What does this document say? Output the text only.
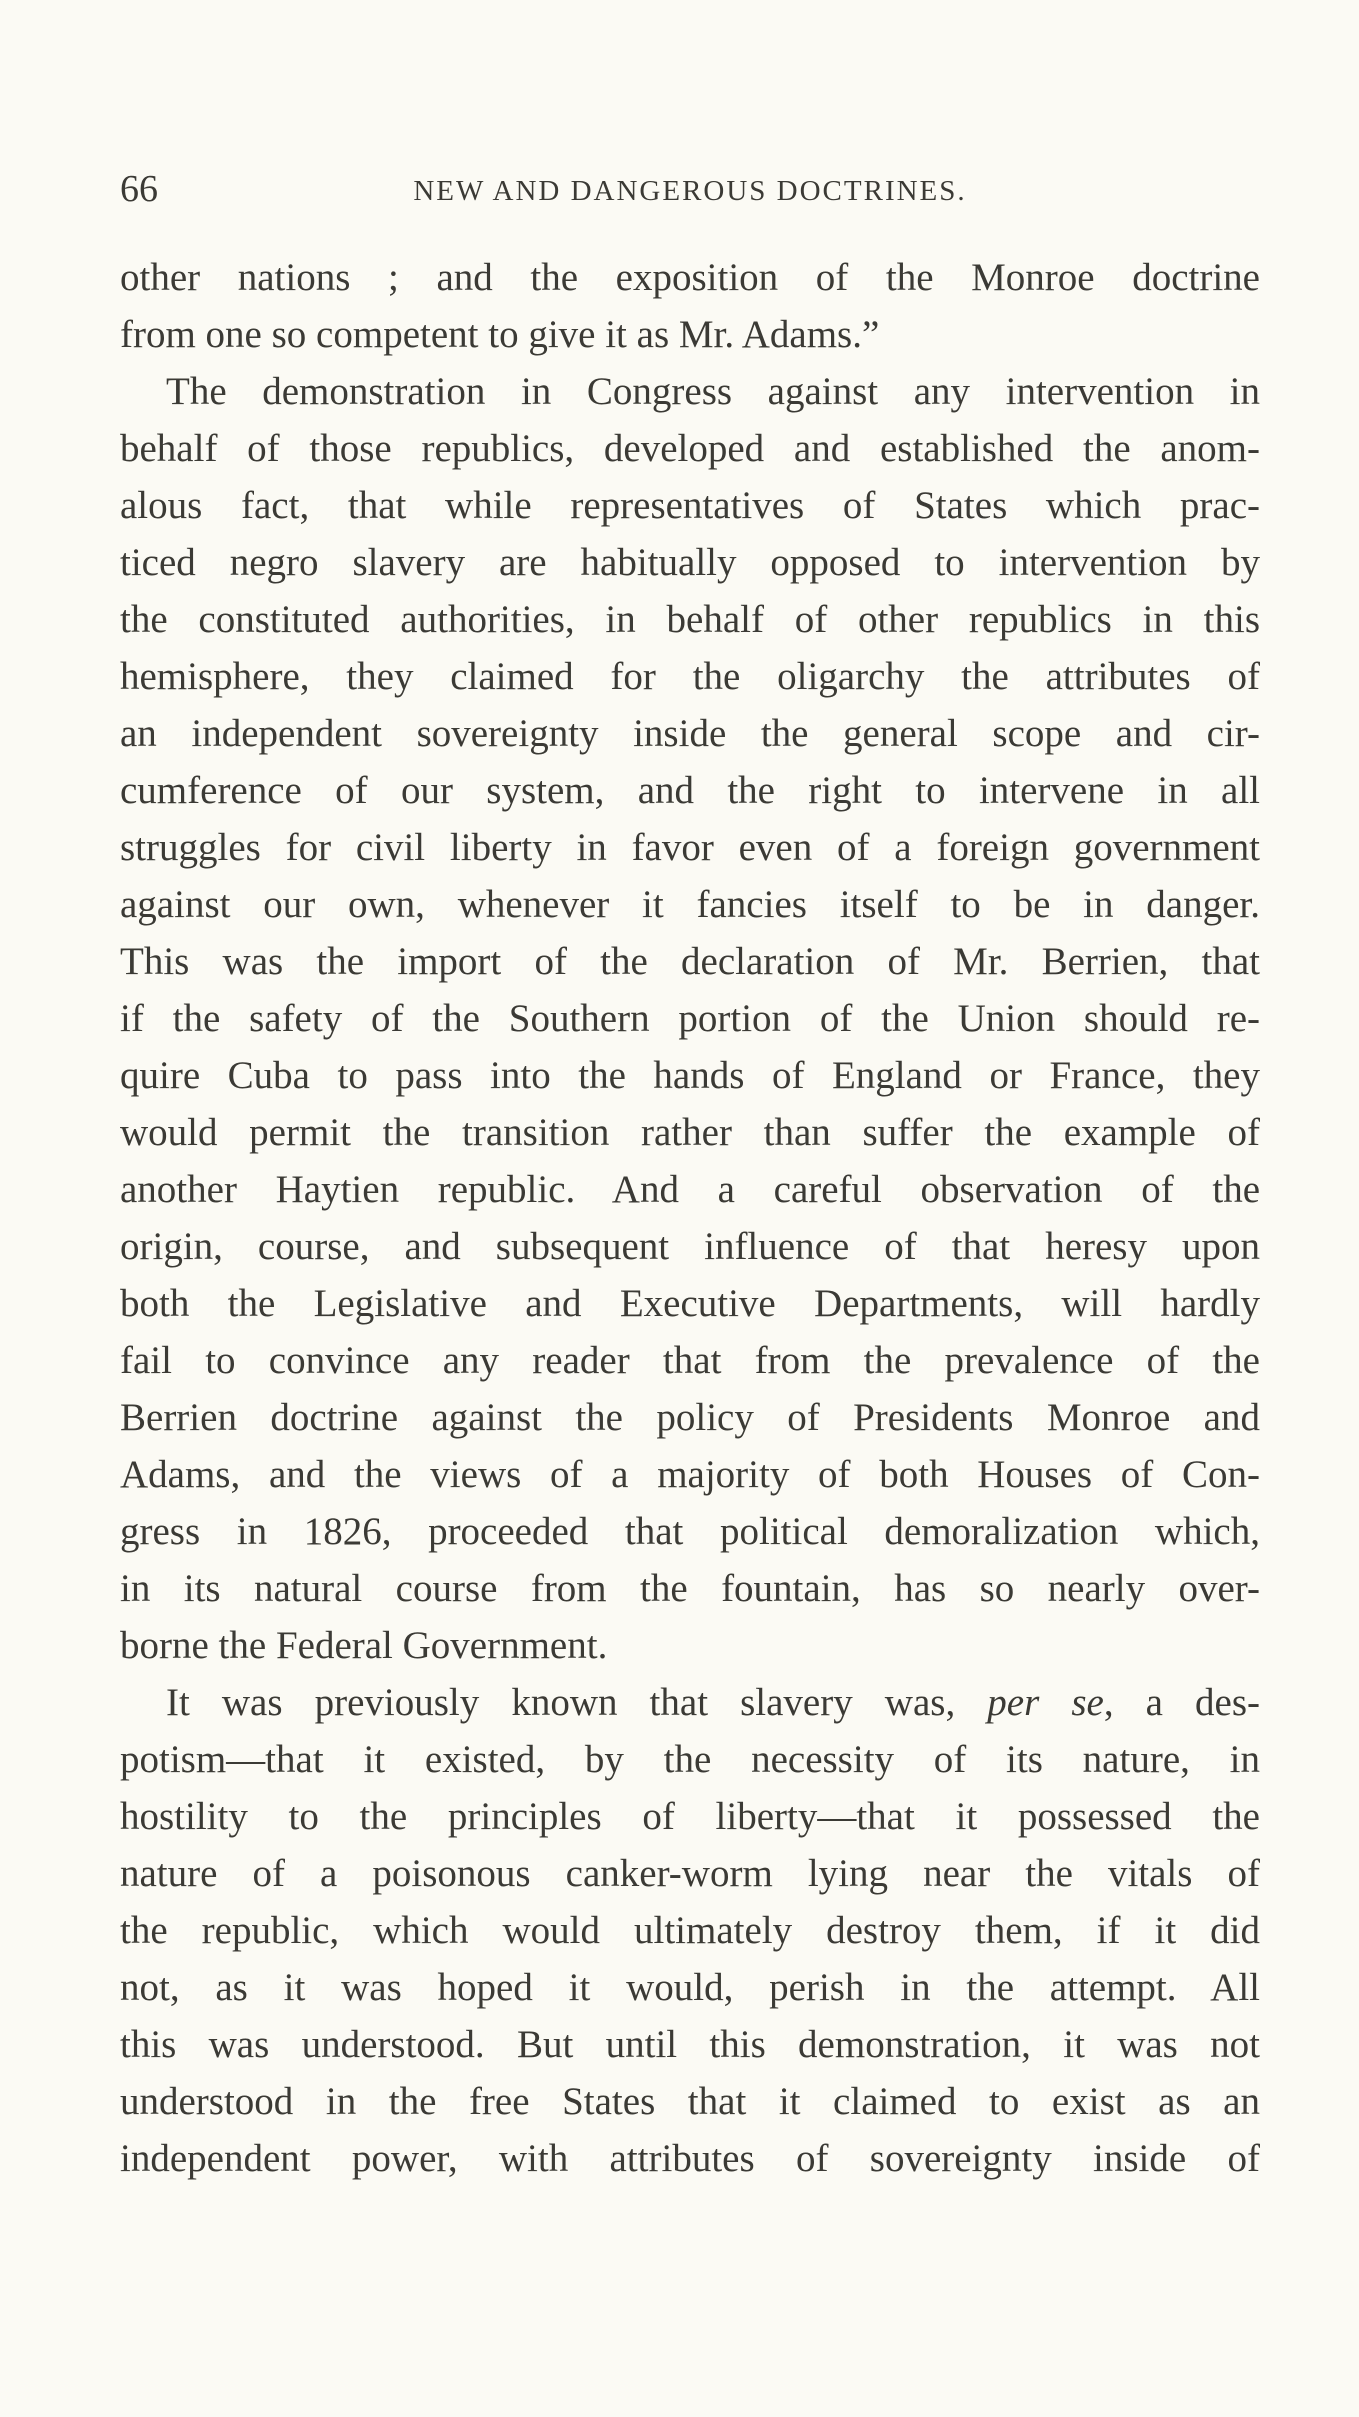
66	NEW AND DANGEROUS DOCTRINES.
other nations ; and the exposition of the Monroe doctrine
from one so competent to give it as Mr. Adams.”
The demonstration in Congress against any intervention in
behalf of those republics, developed and established the anom-
alous fact, that while representatives of States which prac-
ticed negro slavery are habitually opposed to intervention by
the constituted authorities, in behalf of other republics in this
hemisphere, they claimed for the oligarchy the attributes of
an independent sovereignty inside the general scope and cir-
cumference of our system, and the right to intervene in all
struggles for civil liberty in favor even of a foreign government
against our own, whenever it fancies itself to be in danger.
This was the import of the declaration of Mr. Berrien, that
if the safety of the Southern portion of the Union should re-
quire Cuba to pass into the hands of England or France, they
would permit the transition rather than suffer the example of
another Haytien republic. And a careful observation of the
origin, course, and subsequent influence of that heresy upon
both the Legislative and Executive Departments, will hardly
fail to convince any reader that from the prevalence of the
Berrien doctrine against the policy of Presidents Monroe and
Adams, and the views of a majority of both Houses of Con-
gress in 1826, proceeded that political demoralization which,
in its natural course from the fountain, has so nearly over-
borne the Federal Government.
It was previously known that slavery was, per se, a des-
potism—that it existed, by the necessity of its nature, in
hostility to the principles of liberty—that it possessed the
nature of a poisonous canker-worm lying near the vitals of
the republic, which would ultimately destroy them, if it did
not, as it was hoped it would, perish in the attempt. All
this was understood. But until this demonstration, it was not
understood in the free States that it claimed to exist as an
independent power, with attributes of sovereignty inside of
